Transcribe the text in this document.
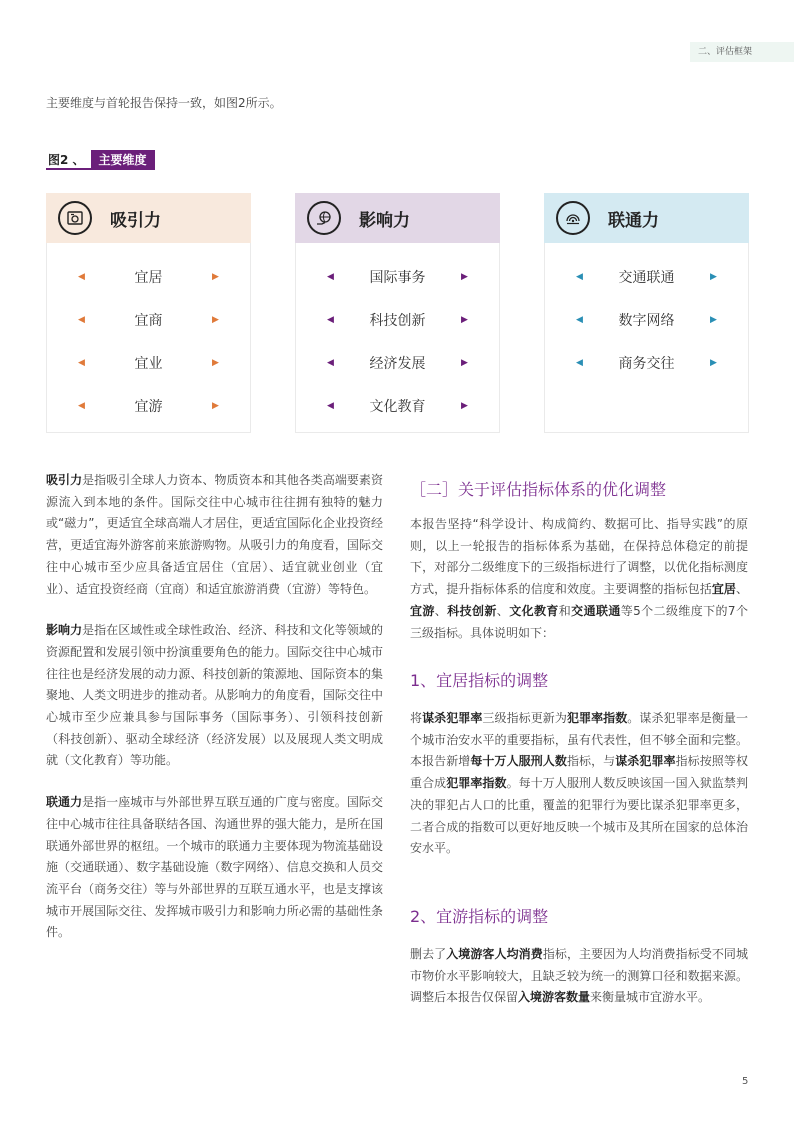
二、评估框架
主要维度与首轮报告保持一致，如图2所示。
图2 、	主要维度
吸引力
◀	宜居	▶
◀	宜商	▶
◀	宜业	▶
◀	宜游	▶
影响力
◀	国际事务	▶
◀	科技创新	▶
◀	经济发展	▶
◀	文化教育	▶
联通力
◀	交通联通	▶
◀	数字网络	▶
◀	商务交往	▶

吸引力是指吸引全球人力资本、物质资本和其他各类高端要素资源流入到本地的条件。国际交往中心城市往往拥有独特的魅力或“磁力”，更适宜全球高端人才居住，更适宜国际化企业投资经营，更适宜海外游客前来旅游购物。从吸引力的角度看，国际交往中心城市至少应具备适宜居住（宜居）、适宜就业创业（宜业）、适宜投资经商（宜商）和适宜旅游消费（宜游）等特色。

影响力是指在区域性或全球性政治、经济、科技和文化等领域的资源配置和发展引领中扮演重要角色的能力。国际交往中心城市往往也是经济发展的动力源、科技创新的策源地、国际资本的集聚地、人类文明进步的推动者。从影响力的角度看，国际交往中心城市至少应兼具参与国际事务（国际事务）、引领科技创新（科技创新）、驱动全球经济（经济发展）以及展现人类文明成就（文化教育）等功能。

联通力是指一座城市与外部世界互联互通的广度与密度。国际交往中心城市往往具备联结各国、沟通世界的强大能力，是所在国联通外部世界的枢纽。一个城市的联通力主要体现为物流基础设施（交通联通）、数字基础设施（数字网络）、信息交换和人员交流平台（商务交往）等与外部世界的互联互通水平，也是支撑该城市开展国际交往、发挥城市吸引力和影响力所必需的基础性条件。

［二］关于评估指标体系的优化调整
本报告坚持“科学设计、构成简约、数据可比、指导实践”的原则，以上一轮报告的指标体系为基础，在保持总体稳定的前提下，对部分二级维度下的三级指标进行了调整，以优化指标测度方式，提升指标体系的信度和效度。主要调整的指标包括宜居、宜游、科技创新、文化教育和交通联通等5个二级维度下的7个三级指标。具体说明如下：
1、宜居指标的调整
将谋杀犯罪率三级指标更新为犯罪率指数。谋杀犯罪率是衡量一个城市治安水平的重要指标，虽有代表性，但不够全面和完整。本报告新增每十万人服刑人数指标，与谋杀犯罪率指标按照等权重合成犯罪率指数。每十万人服刑人数反映该国一国入狱监禁判决的罪犯占人口的比重，覆盖的犯罪行为要比谋杀犯罪率更多，二者合成的指数可以更好地反映一个城市及其所在国家的总体治安水平。
2、宜游指标的调整
删去了入境游客人均消费指标，主要因为人均消费指标受不同城市物价水平影响较大，且缺乏较为统一的测算口径和数据来源。调整后本报告仅保留入境游客数量来衡量城市宜游水平。
5
